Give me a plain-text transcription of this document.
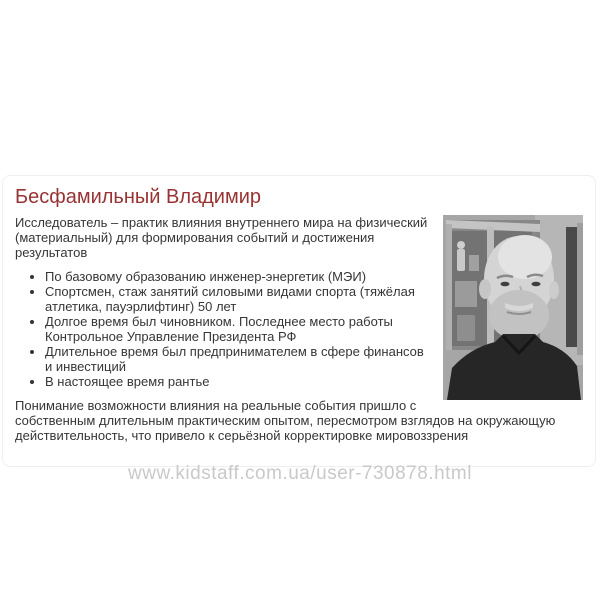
Бесфамильный Владимир

Исследователь – практик влияния внутреннего мира на физический (материальный) для формирования событий и достижения результатов

• По базовому образованию инженер-энергетик (МЭИ)
• Спортсмен, стаж занятий силовыми видами спорта (тяжёлая атлетика, пауэрлифтинг) 50 лет
• Долгое время был чиновником. Последнее место работы Контрольное Управление Президента РФ
• Длительное время был предпринимателем в сфере финансов и инвестиций
• В настоящее время рантье

Понимание возможности влияния на реальные события пришло с собственным длительным практическим опытом, пересмотром взглядов на окружающую действительность, что привело к серьёзной корректировке мировоззрения

www.kidstaff.com.ua/user-730878.html
